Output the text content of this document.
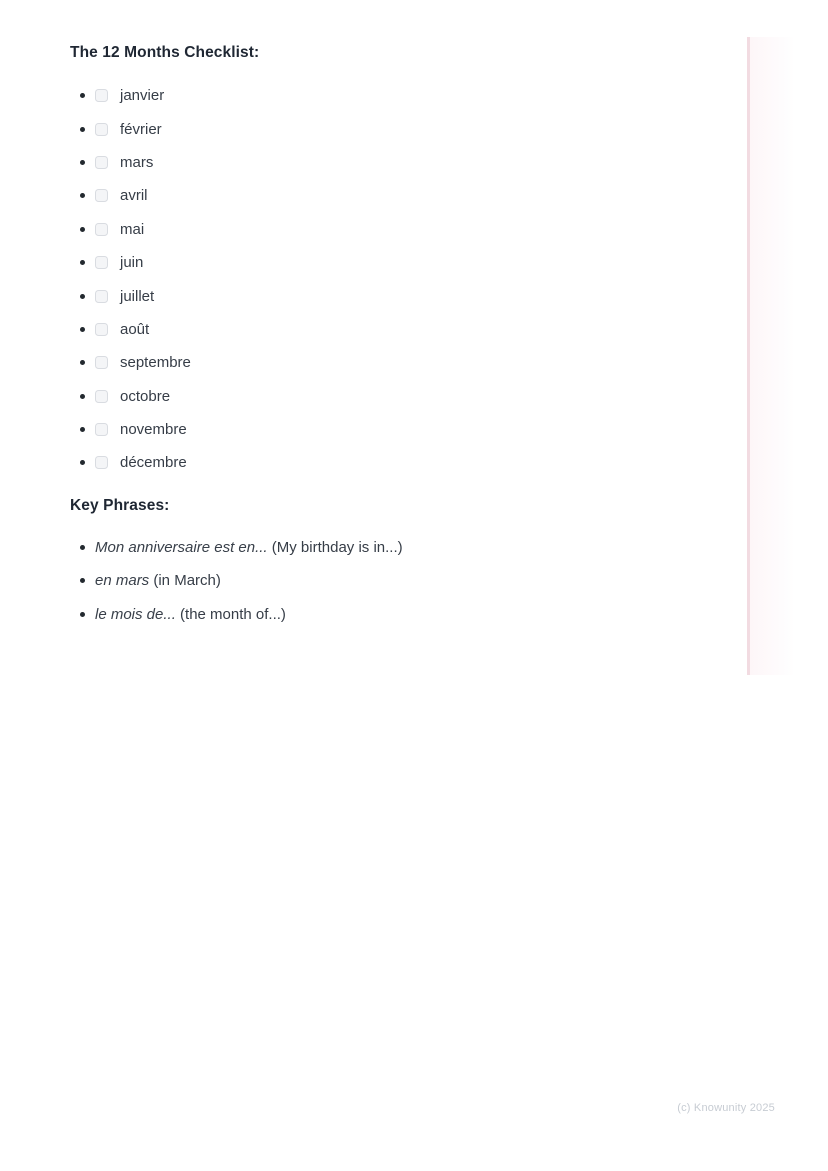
The 12 Months Checklist:
janvier
février
mars
avril
mai
juin
juillet
août
septembre
octobre
novembre
décembre
Key Phrases:
Mon anniversaire est en... (My birthday is in...)
en mars (in March)
le mois de... (the month of...)
(c) Knowunity 2025
